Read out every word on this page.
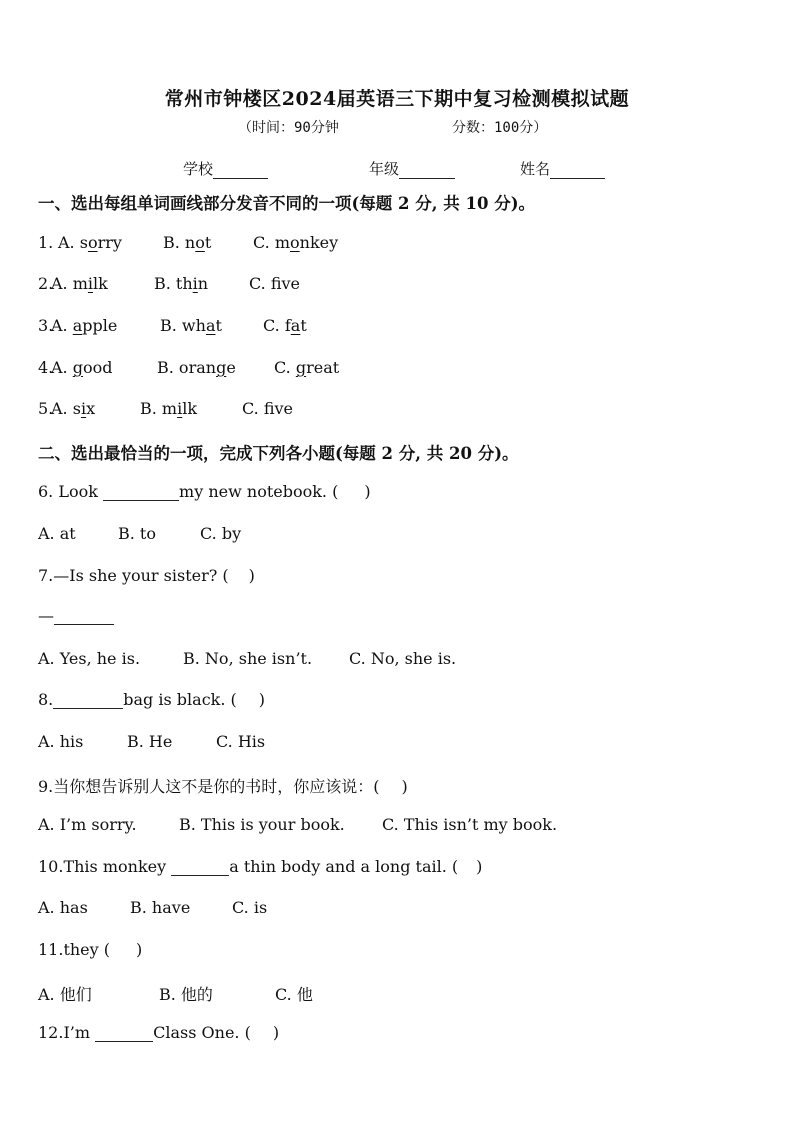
常州市钟楼区2024届英语三下期中复习检测模拟试题
（时间：90分钟	分数：100分）
学校	年级	姓名
一、选出每组单词画线部分发音不同的一项(每题 2 分, 共 10 分)。
1. A. sorry	B. not	C. monkey
2.
A. milk	B. thin	C. fve
3.
A. apple	B. what	C. fat
4.
A. good	B. orange C. great
5.
A. six	B. milk	C. fve
二、选出最恰当的一项，完成下列各小题(每题 2 分, 共 20 分)。
6. Look	my new notebook. ( )
A. at	B. to	C. by
7.—Is she your sister? ( )
—
A. Yes, he is.	B. No, she isn’t. C. No, she is.
8.	bag is black. ( )
A. his	B. He	C. His
9.当你想告诉别人这不是你的书时，你应该说：( )
A. I’m sorry.	B. This is your book. C. This isn’t my book.
10.This monkey	a thin body and a long tail. ( )
A. has	B. have	C. is
11.they ( )
A. 他们	B. 他的	C. 他
12.I’m	Class One. ( )
